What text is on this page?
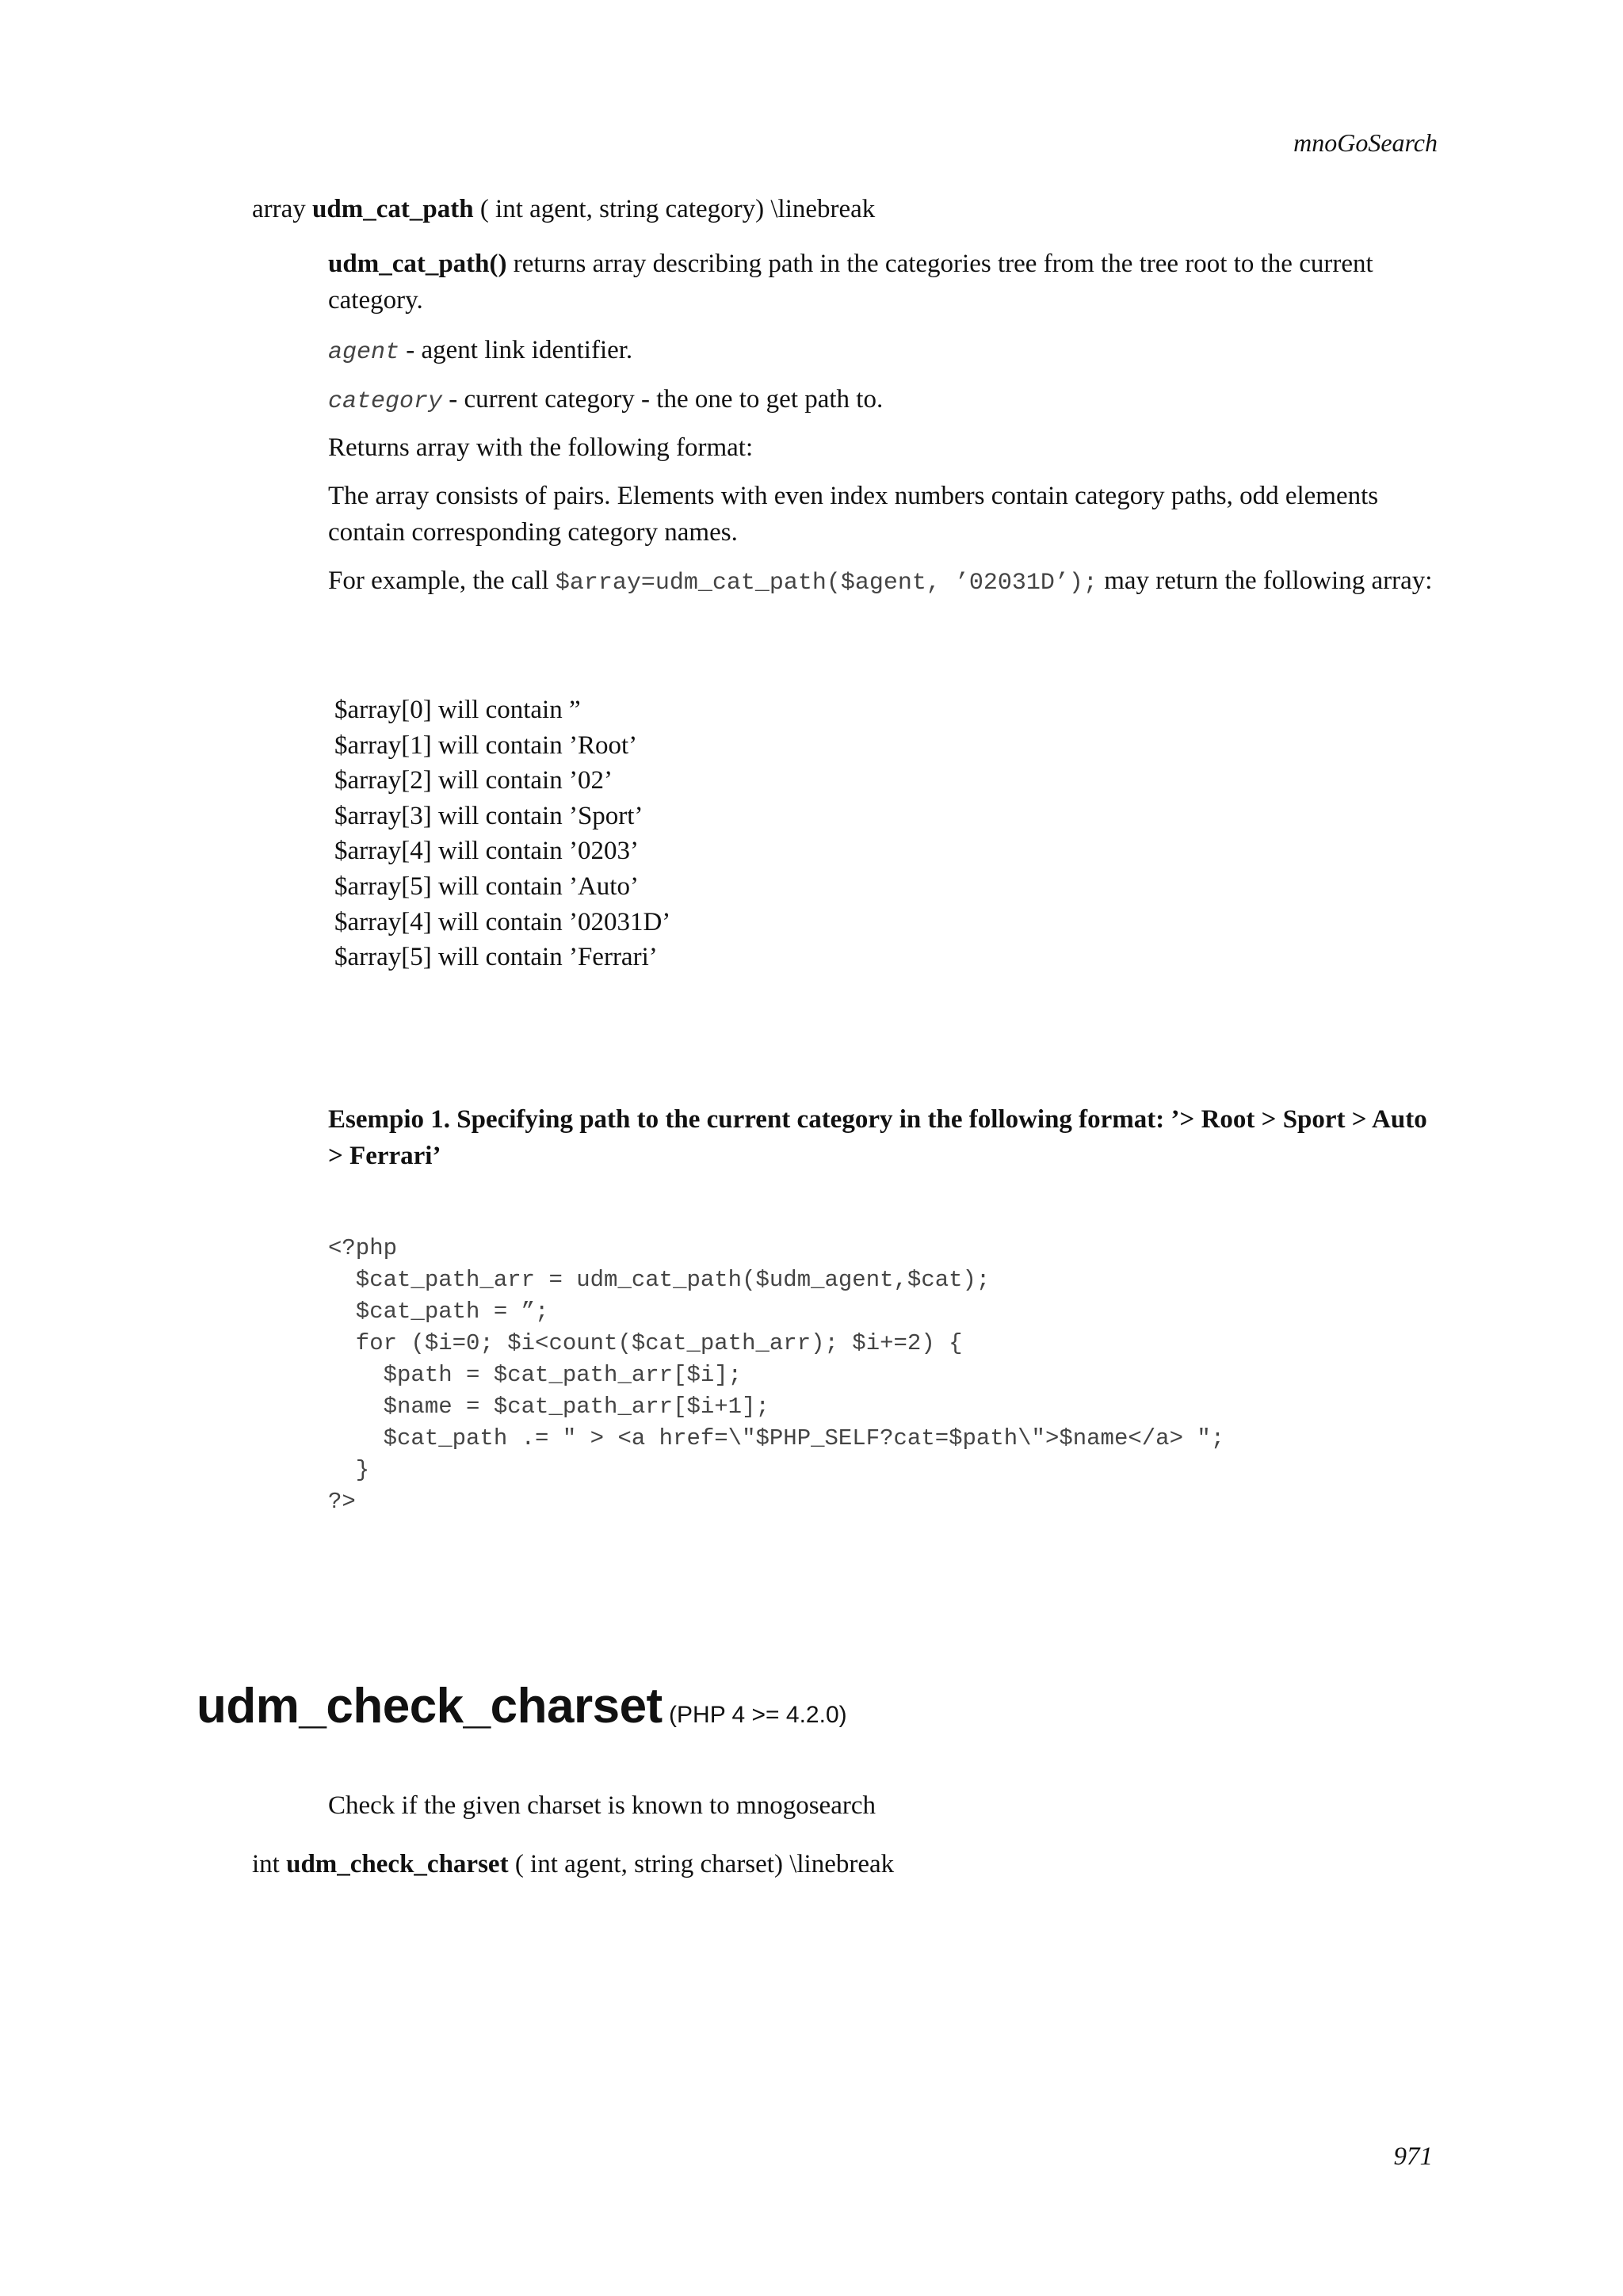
mnoGoSearch
array udm_cat_path ( int agent, string category) \linebreak
udm_cat_path() returns array describing path in the categories tree from the tree root to the current category.
agent - agent link identifier.
category - current category - the one to get path to.
Returns array with the following format:
The array consists of pairs. Elements with even index numbers contain category paths, odd elements contain corresponding category names.
For example, the call $array=udm_cat_path($agent, ’02031D’); may return the following array:
$array[0] will contain ”
$array[1] will contain ’Root’
$array[2] will contain ’02’
$array[3] will contain ’Sport’
$array[4] will contain ’0203’
$array[5] will contain ’Auto’
$array[4] will contain ’02031D’
$array[5] will contain ’Ferrari’
Esempio 1. Specifying path to the current category in the following format: ’> Root > Sport > Auto > Ferrari’
<?php
$cat_path_arr = udm_cat_path($udm_agent,$cat);
$cat_path = ”;
for ($i=0; $i<count($cat_path_arr); $i+=2) {
$path = $cat_path_arr[$i];
$name = $cat_path_arr[$i+1];
$cat_path .= " > <a href=\"$PHP_SELF?cat=$path\">$name</a> ";
}
?>
udm_check_charset (PHP 4 >= 4.2.0)
Check if the given charset is known to mnogosearch
int udm_check_charset ( int agent, string charset) \linebreak
971
